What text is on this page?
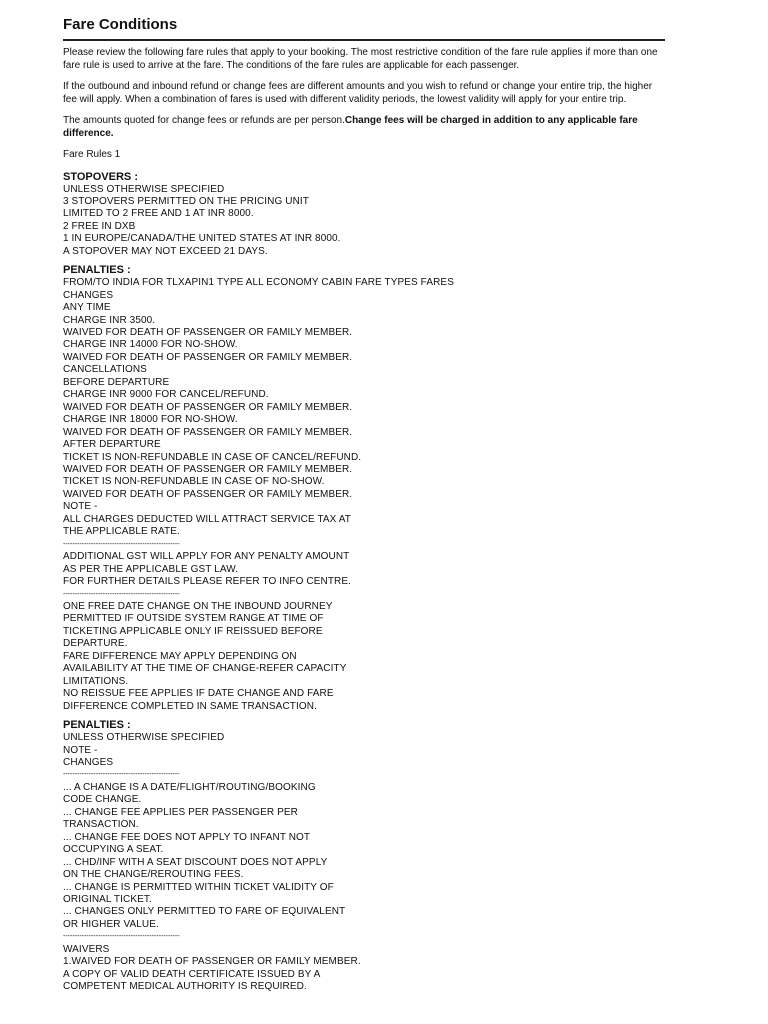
Fare Conditions

Please review the following fare rules that apply to your booking. The most restrictive condition of the fare rule applies if more than one fare rule is used to arrive at the fare. The conditions of the fare rules are applicable for each passenger.

If the outbound and inbound refund or change fees are different amounts and you wish to refund or change your entire trip, the higher fee will apply. When a combination of fares is used with different validity periods, the lowest validity will apply for your entire trip.

The amounts quoted for change fees or refunds are per person.Change fees will be charged in addition to any applicable fare difference.

Fare Rules 1

STOPOVERS :
UNLESS OTHERWISE SPECIFIED
3 STOPOVERS PERMITTED ON THE PRICING UNIT
LIMITED TO 2 FREE AND 1 AT INR 8000.
2 FREE IN DXB
1 IN EUROPE/CANADA/THE UNITED STATES AT INR 8000.
A STOPOVER MAY NOT EXCEED 21 DAYS.
PENALTIES :
FROM/TO INDIA FOR TLXAPIN1 TYPE ALL ECONOMY CABIN FARE TYPES FARES
CHANGES
ANY TIME
CHARGE INR 3500.
WAIVED FOR DEATH OF PASSENGER OR FAMILY MEMBER.
CHARGE INR 14000 FOR NO-SHOW.
WAIVED FOR DEATH OF PASSENGER OR FAMILY MEMBER.
CANCELLATIONS
BEFORE DEPARTURE
CHARGE INR 9000 FOR CANCEL/REFUND.
WAIVED FOR DEATH OF PASSENGER OR FAMILY MEMBER.
CHARGE INR 18000 FOR NO-SHOW.
WAIVED FOR DEATH OF PASSENGER OR FAMILY MEMBER.
AFTER DEPARTURE
TICKET IS NON-REFUNDABLE IN CASE OF CANCEL/REFUND.
WAIVED FOR DEATH OF PASSENGER OR FAMILY MEMBER.
TICKET IS NON-REFUNDABLE IN CASE OF NO-SHOW.
WAIVED FOR DEATH OF PASSENGER OR FAMILY MEMBER.
NOTE -
ALL CHARGES DEDUCTED WILL ATTRACT SERVICE TAX AT
THE APPLICABLE RATE.
--------------------------------------------------
ADDITIONAL GST WILL APPLY FOR ANY PENALTY AMOUNT
AS PER THE APPLICABLE GST LAW.
FOR FURTHER DETAILS PLEASE REFER TO INFO CENTRE.
--------------------------------------------------
ONE FREE DATE CHANGE ON THE INBOUND JOURNEY
PERMITTED IF OUTSIDE SYSTEM RANGE AT TIME OF
TICKETING APPLICABLE ONLY IF REISSUED BEFORE
DEPARTURE.
FARE DIFFERENCE MAY APPLY DEPENDING ON
AVAILABILITY AT THE TIME OF CHANGE-REFER CAPACITY
LIMITATIONS.
NO REISSUE FEE APPLIES IF DATE CHANGE AND FARE
DIFFERENCE COMPLETED IN SAME TRANSACTION.
PENALTIES :
UNLESS OTHERWISE SPECIFIED
NOTE -
CHANGES
--------------------------------------------------
... A CHANGE IS A DATE/FLIGHT/ROUTING/BOOKING
CODE CHANGE.
... CHANGE FEE APPLIES PER PASSENGER PER
TRANSACTION.
... CHANGE FEE DOES NOT APPLY TO INFANT NOT
OCCUPYING A SEAT.
... CHD/INF WITH A SEAT DISCOUNT DOES NOT APPLY
ON THE CHANGE/REROUTING FEES.
... CHANGE IS PERMITTED WITHIN TICKET VALIDITY OF
ORIGINAL TICKET.
... CHANGES ONLY PERMITTED TO FARE OF EQUIVALENT
OR HIGHER VALUE.
--------------------------------------------------
WAIVERS
1.WAIVED FOR DEATH OF PASSENGER OR FAMILY MEMBER.
A COPY OF VALID DEATH CERTIFICATE ISSUED BY A
COMPETENT MEDICAL AUTHORITY IS REQUIRED.
